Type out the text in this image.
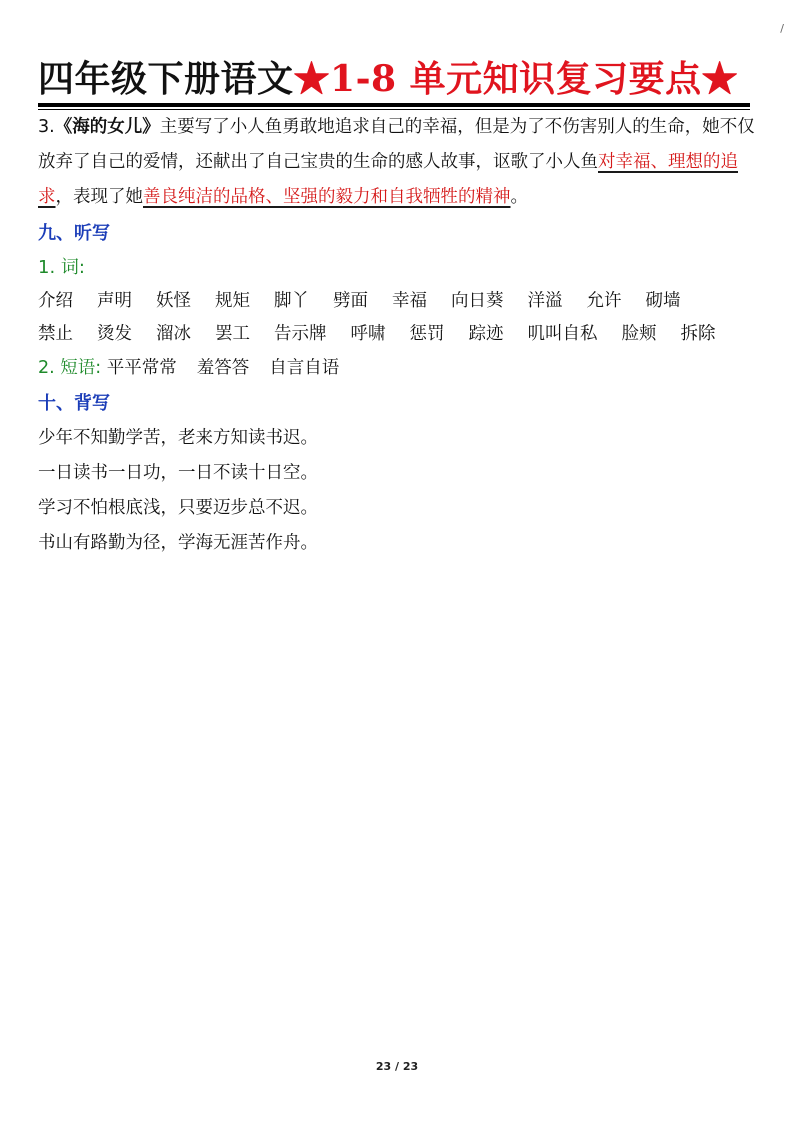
/
四年级下册语文★1-8 单元知识复习要点★

3.《海的女儿》主要写了小人鱼勇敢地追求自己的幸福，但是为了不伤害别人的生命，她不仅放弃了自己的爱情，还献出了自己宝贵的生命的感人故事，讴歌了小人鱼对幸福、理想的追求，表现了她善良纯洁的品格、坚强的毅力和自我牺牲的精神。

九、听写
1. 词:
介绍 声明 妖怪 规矩 脚丫 劈面 幸福 向日葵 洋溢 允许 砌墙禁止 烫发 溜冰 罢工 告示牌 呼啸 惩罚 踪迹 叽叫自私 脸颊 拆除
2. 短语: 平平常常 羞答答 自言自语
十、背写
少年不知勤学苦，老来方知读书迟。
一日读书一日功，一日不读十日空。
学习不怕根底浅，只要迈步总不迟。
书山有路勤为径，学海无涯苦作舟。
23 / 23
